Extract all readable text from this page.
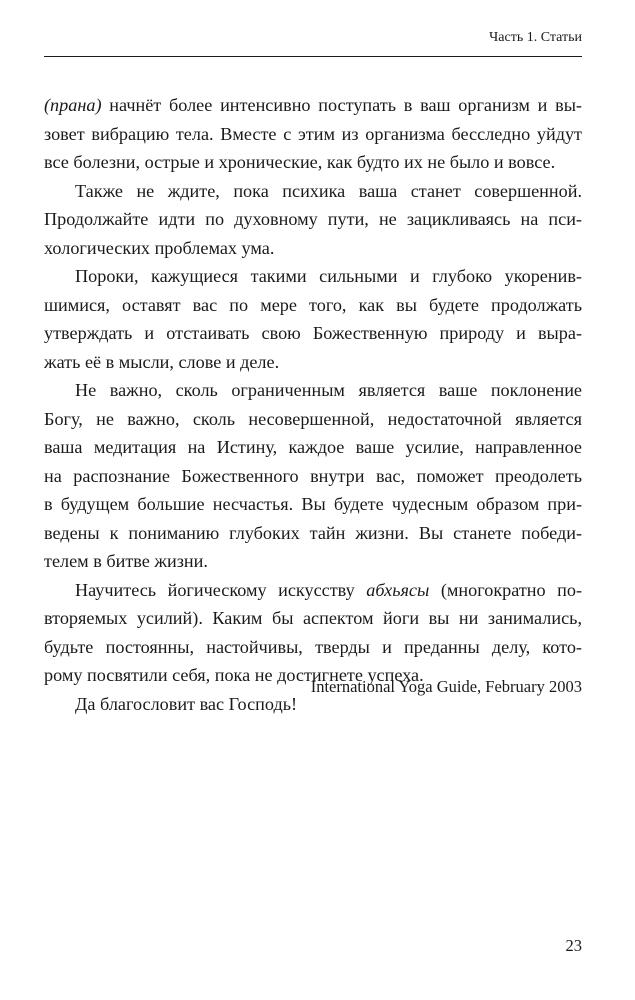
Часть 1. Статьи
(прана) начнёт более интенсивно поступать в ваш организм и вы-
зовет вибрацию тела. Вместе с этим из организма бесследно уйдут
все болезни, острые и хронические, как будто их не было и вовсе.
Также не ждите, пока психика ваша станет совершенной.
Продолжайте идти по духовному пути, не зацикливаясь на пси-
хологических проблемах ума.
Пороки, кажущиеся такими сильными и глубоко укоренив-
шимися, оставят вас по мере того, как вы будете продолжать
утверждать и отстаивать свою Божественную природу и выра-
жать её в мысли, слове и деле.
Не важно, сколь ограниченным является ваше поклонение
Богу, не важно, сколь несовершенной, недостаточной является
ваша медитация на Истину, каждое ваше усилие, направленное
на распознание Божественного внутри вас, поможет преодолеть
в будущем большие несчастья. Вы будете чудесным образом при-
ведены к пониманию глубоких тайн жизни. Вы станете победи-
телем в битве жизни.
Научитесь йогическому искусству абхьясы (многократно по-
вторяемых усилий). Каким бы аспектом йоги вы ни занимались,
будьте постоянны, настойчивы, тверды и преданны делу, кото-
рому посвятили себя, пока не достигнете успеха.
Да благословит вас Господь!
International Yoga Guide, February 2003
23
